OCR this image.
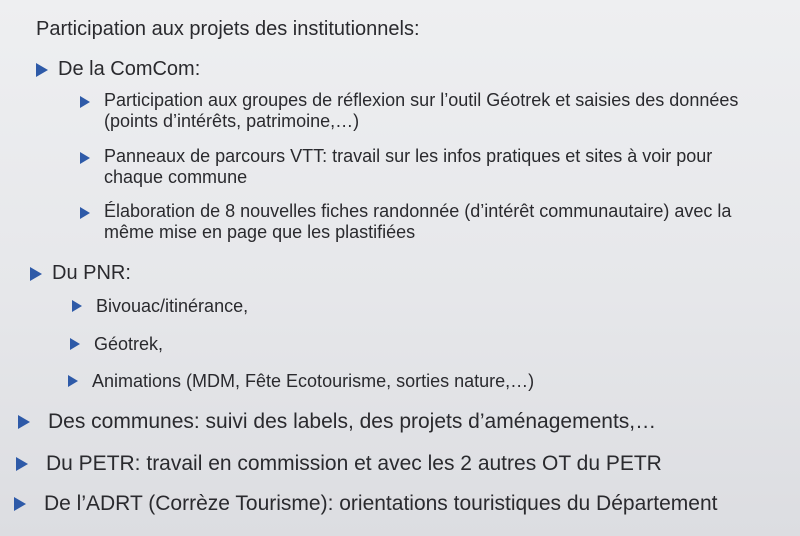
Participation aux projets des institutionnels:
De la ComCom:
Participation aux groupes de réflexion sur l’outil Géotrek et saisies des données
(points d’intérêts, patrimoine,…)
Panneaux de parcours VTT: travail sur les infos pratiques et sites à voir pour
chaque commune
Élaboration de 8 nouvelles fiches randonnée (d’intérêt communautaire) avec la
même mise en page que les plastifiées
Du PNR:
Bivouac/itinérance,
Géotrek,
Animations (MDM, Fête Ecotourisme, sorties nature,…)
Des communes: suivi des labels, des projets d’aménagements,…
Du PETR: travail en commission et avec les 2 autres OT du PETR
De l’ADRT (Corrèze Tourisme): orientations touristiques du Département
